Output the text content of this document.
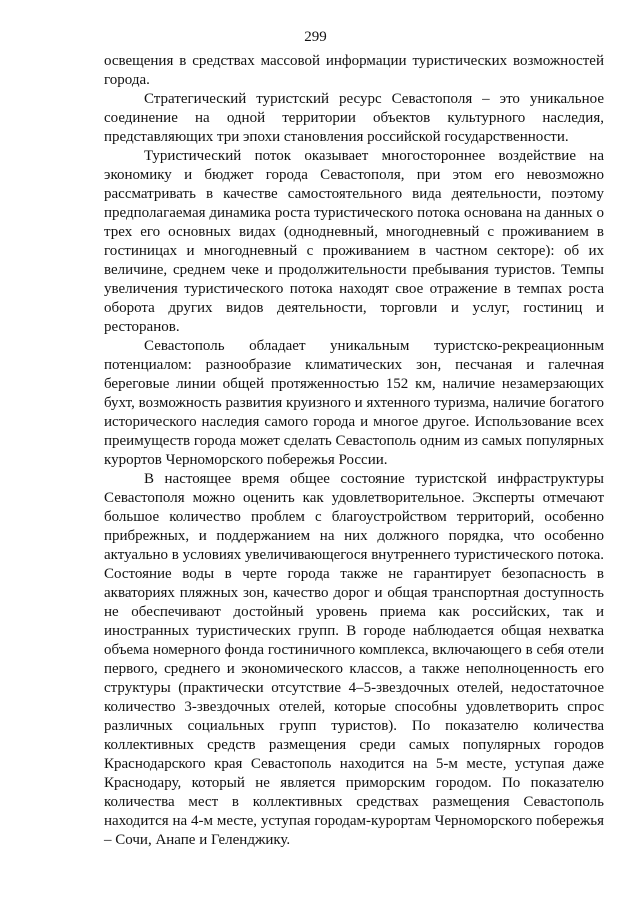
299

освещения в средствах массовой информации туристических возможностей города.

Стратегический туристский ресурс Севастополя – это уникальное соединение на одной территории объектов культурного наследия, представляющих три эпохи становления российской государственности.

Туристический поток оказывает многостороннее воздействие на экономику и бюджет города Севастополя, при этом его невозможно рассматривать в качестве самостоятельного вида деятельности, поэтому предполагаемая динамика роста туристического потока основана на данных о трех его основных видах (однодневный, многодневный с проживанием в гостиницах и многодневный с проживанием в частном секторе): об их величине, среднем чеке и продолжительности пребывания туристов. Темпы увеличения туристического потока находят свое отражение в темпах роста оборота других видов деятельности, торговли и услуг, гостиниц и ресторанов.

Севастополь обладает уникальным туристско-рекреационным потенциалом: разнообразие климатических зон, песчаная и галечная береговые линии общей протяженностью 152 км, наличие незамерзающих бухт, возможность развития круизного и яхтенного туризма, наличие богатого исторического наследия самого города и многое другое. Использование всех преимуществ города может сделать Севастополь одним из самых популярных курортов Черноморского побережья России.

В настоящее время общее состояние туристской инфраструктуры Севастополя можно оценить как удовлетворительное. Эксперты отмечают большое количество проблем с благоустройством территорий, особенно прибрежных, и поддержанием на них должного порядка, что особенно актуально в условиях увеличивающегося внутреннего туристического потока. Состояние воды в черте города также не гарантирует безопасность в акваториях пляжных зон, качество дорог и общая транспортная доступность не обеспечивают достойный уровень приема как российских, так и иностранных туристических групп. В городе наблюдается общая нехватка объема номерного фонда гостиничного комплекса, включающего в себя отели первого, среднего и экономического классов, а также неполноценность его структуры (практически отсутствие 4–5-звездочных отелей, недостаточное количество 3-звездочных отелей, которые способны удовлетворить спрос различных социальных групп туристов). По показателю количества коллективных средств размещения среди самых популярных городов Краснодарского края Севастополь находится на 5-м месте, уступая даже Краснодару, который не является приморским городом. По показателю количества мест в коллективных средствах размещения Севастополь находится на 4-м месте, уступая городам-курортам Черноморского побережья – Сочи, Анапе и Геленджику.
